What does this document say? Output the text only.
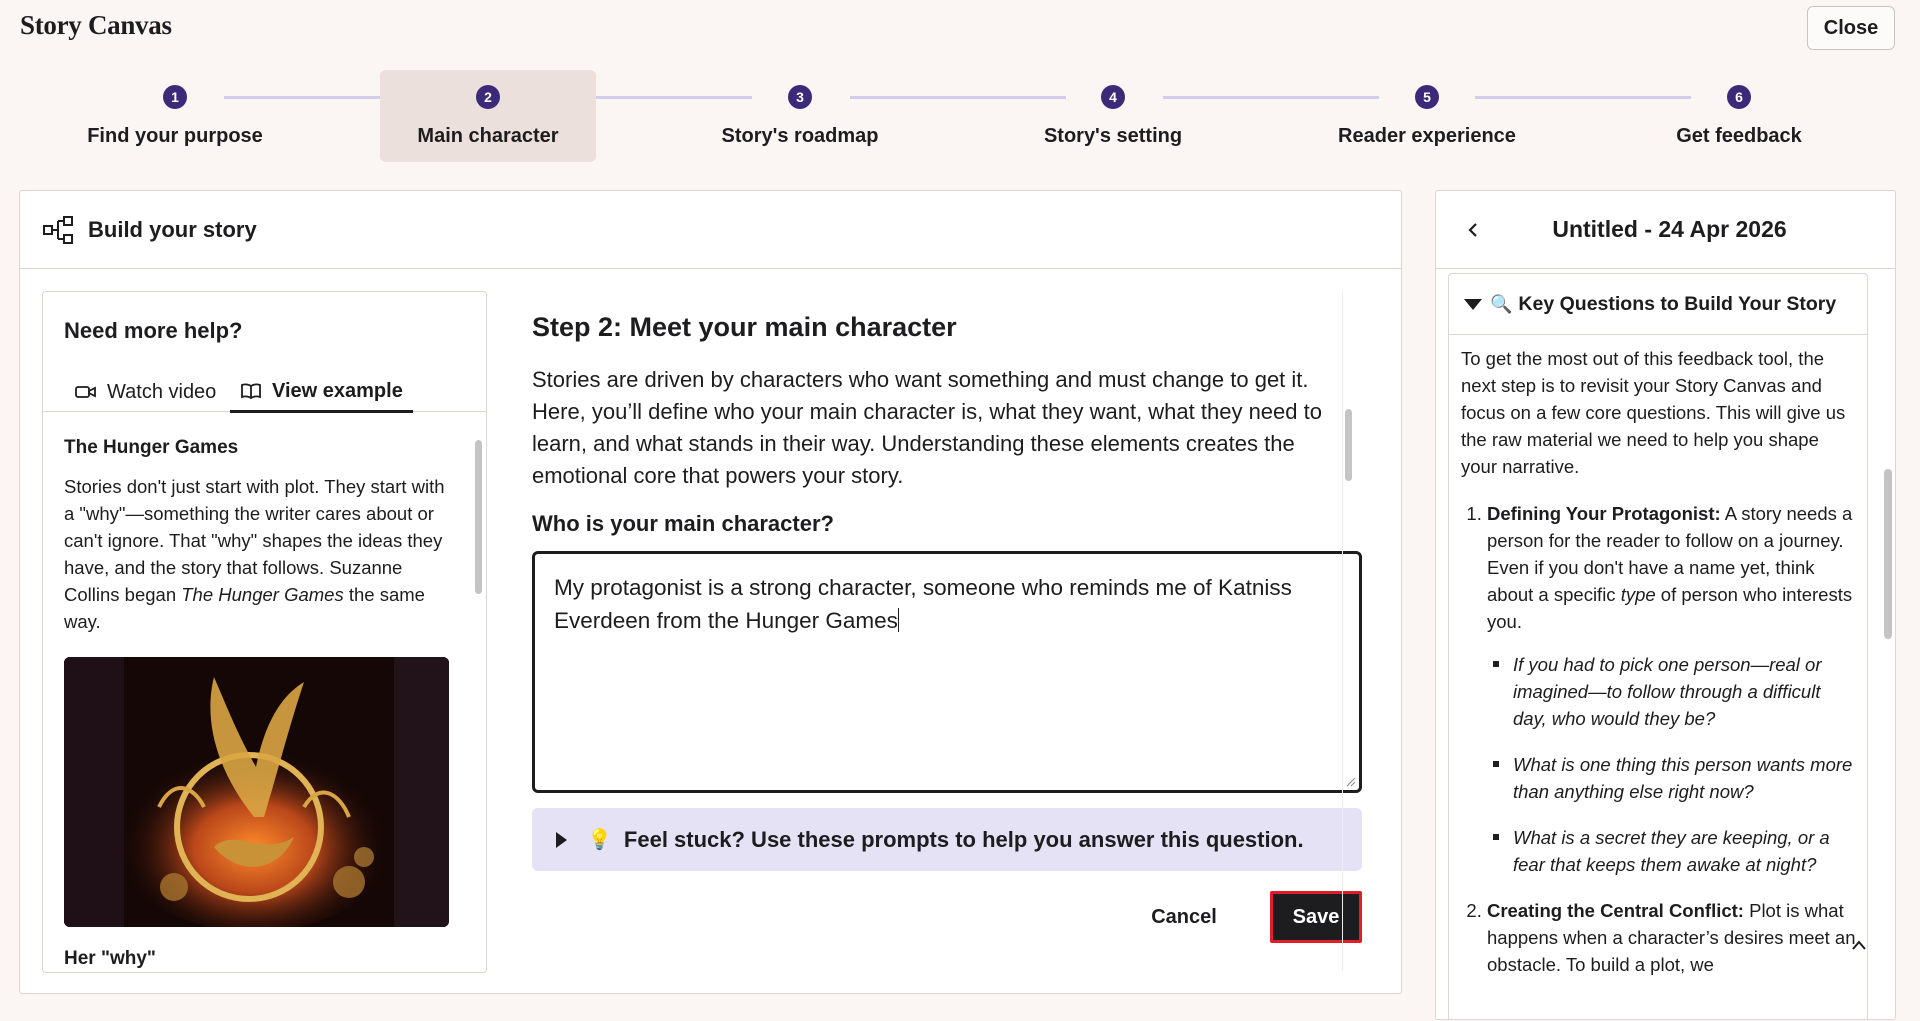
Story Canvas	Close
1
Find your purpose
2
Main character
3
Story's roadmap
4
Story's setting
5
Reader experience
6
Get feedback
Build your story
Need more help?
Watch video	View example
The Hunger Games
Stories don't just start with plot. They start with a "why"—something the writer cares about or can't ignore. That "why" shapes the ideas they have, and the story that follows. Suzanne Collins began The Hunger Games the same way.
Her "why"
Step 2: Meet your main character
Stories are driven by characters who want something and must change to get it. Here, you’ll define who your main character is, what they want, what they need to learn, and what stands in their way. Understanding these elements creates the emotional core that powers your story.
Who is your main character?
My protagonist is a strong character, someone who reminds me of Katniss Everdeen from the Hunger Games
💡 Feel stuck? Use these prompts to help you answer this question.
Cancel	Save
Untitled - 24 Apr 2026
🔍 Key Questions to Build Your Story

To get the most out of this feedback tool, the next step is to revisit your Story Canvas and focus on a few core questions. This will give us the raw material we need to help you shape your narrative.

1. Defining Your Protagonist: A story needs a person for the reader to follow on a journey. Even if you don't have a name yet, think about a specific type of person who interests you.
If you had to pick one person—real or imagined—to follow through a difficult day, who would they be?
What is one thing this person wants more than anything else right now?
What is a secret they are keeping, or a fear that keeps them awake at night?
2. Creating the Central Conflict: Plot is what happens when a character’s desires meet an obstacle. To build a plot, we
